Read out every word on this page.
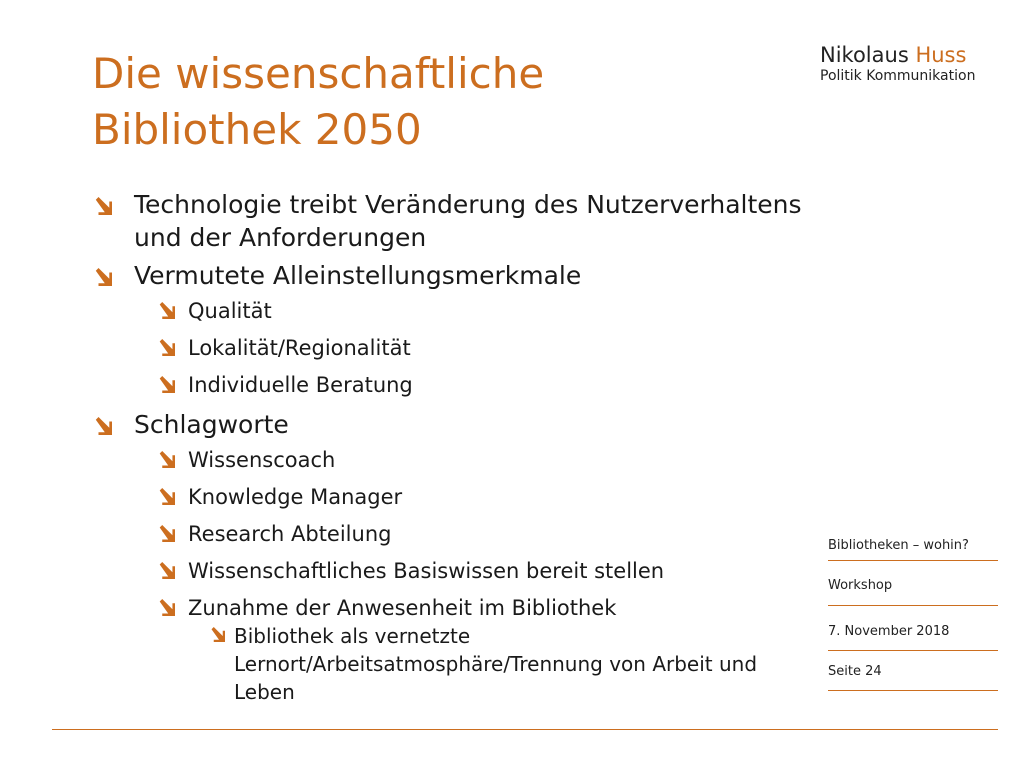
Die wissenschaftliche
Bibliothek 2050
Nikolaus Huss
Politik Kommunikation
Technologie treibt Veränderung des Nutzerverhaltens und der Anforderungen
Vermutete Alleinstellungsmerkmale
Qualität
Lokalität/Regionalität
Individuelle Beratung
Schlagworte
Wissenscoach
Knowledge Manager
Research Abteilung
Wissenschaftliches Basiswissen bereit stellen
Zunahme der Anwesenheit im Bibliothek
Bibliothek als vernetzte Lernort/Arbeitsatmosphäre/Trennung von Arbeit und Leben
Bibliotheken – wohin?
Workshop
7. November 2018
Seite 24
